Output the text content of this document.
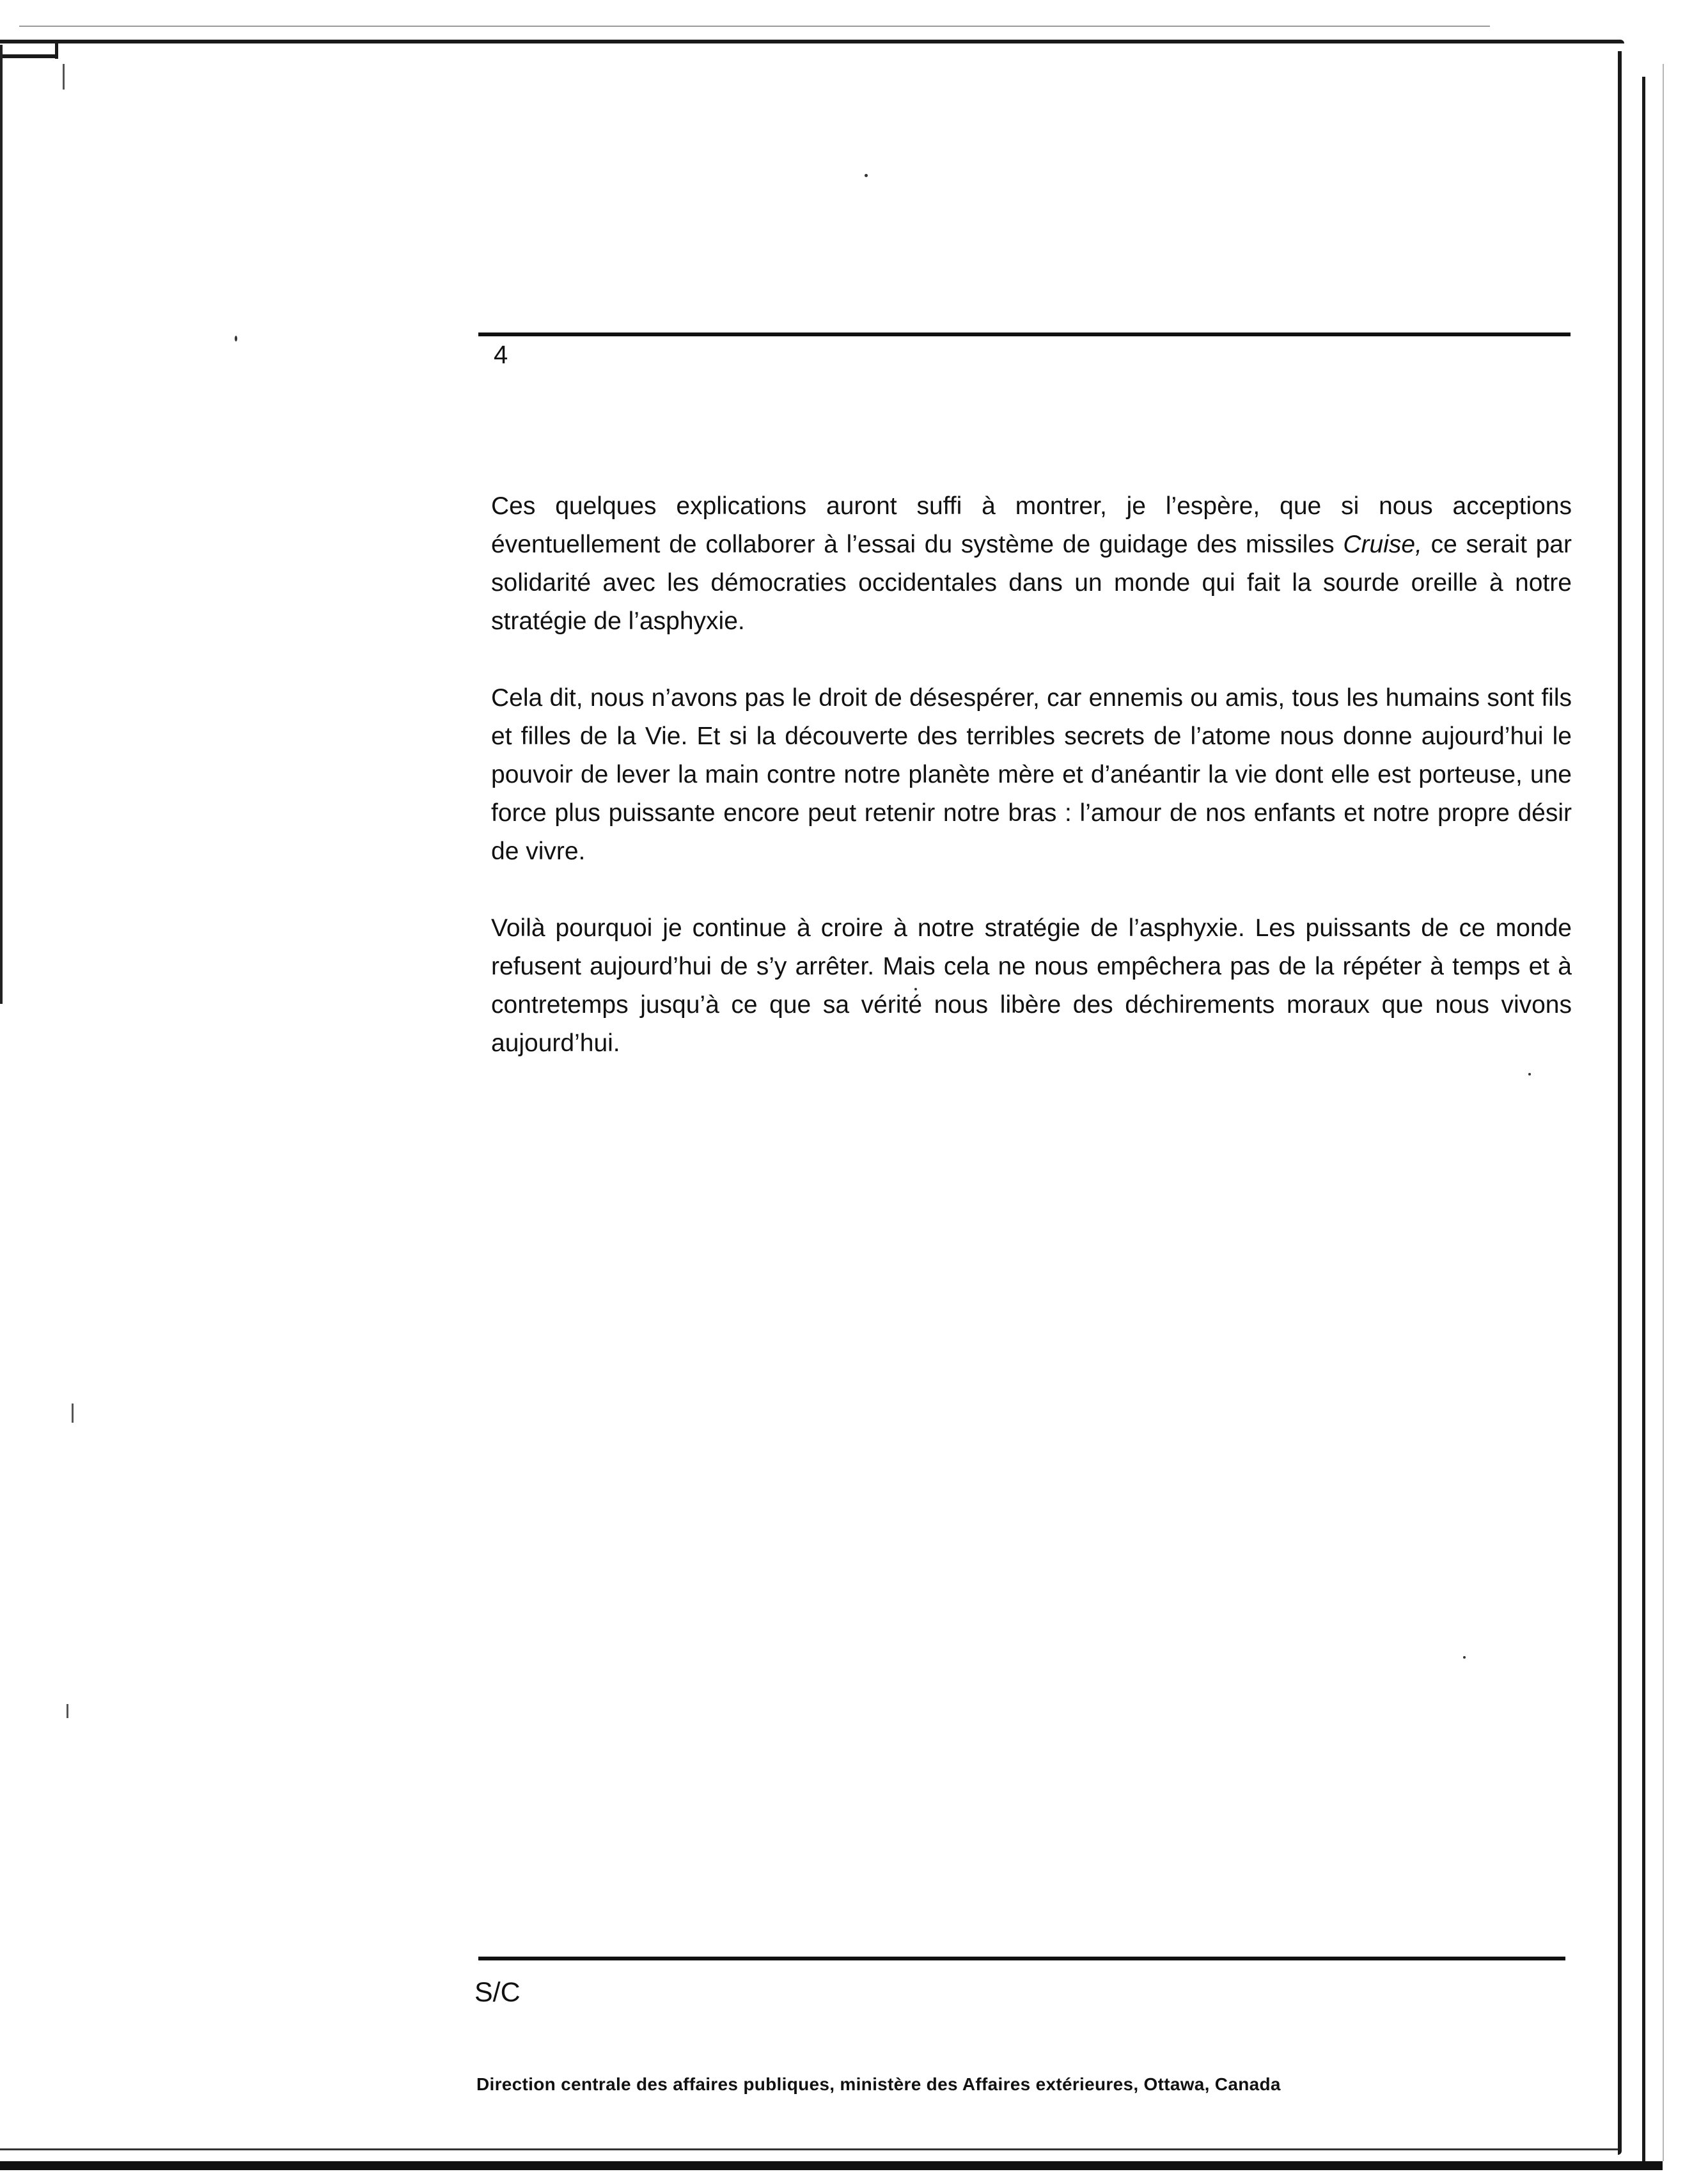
4

Ces quelques explications auront suffi à montrer, je l’espère, que si nous acceptions éventuellement de collaborer à l’essai du système de guidage des missiles Cruise, ce serait par solidarité avec les démocraties occidentales dans un monde qui fait la sourde oreille à notre stratégie de l’asphyxie.

Cela dit, nous n’avons pas le droit de désespérer, car ennemis ou amis, tous les humains sont fils et filles de la Vie. Et si la découverte des terribles secrets de l’atome nous donne aujourd’hui le pouvoir de lever la main contre notre planète mère et d’anéantir la vie dont elle est porteuse, une force plus puissante encore peut retenir notre bras : l’amour de nos enfants et notre propre désir de vivre.

Voilà pourquoi je continue à croire à notre stratégie de l’asphyxie. Les puissants de ce monde refusent aujourd’hui de s’y arrêter. Mais cela ne nous empêchera pas de la répéter à temps et à contretemps jusqu’à ce que sa vérité nous libère des déchirements moraux que nous vivons aujourd’hui.

S/C
Direction centrale des affaires publiques, ministère des Affaires extérieures, Ottawa, Canada
